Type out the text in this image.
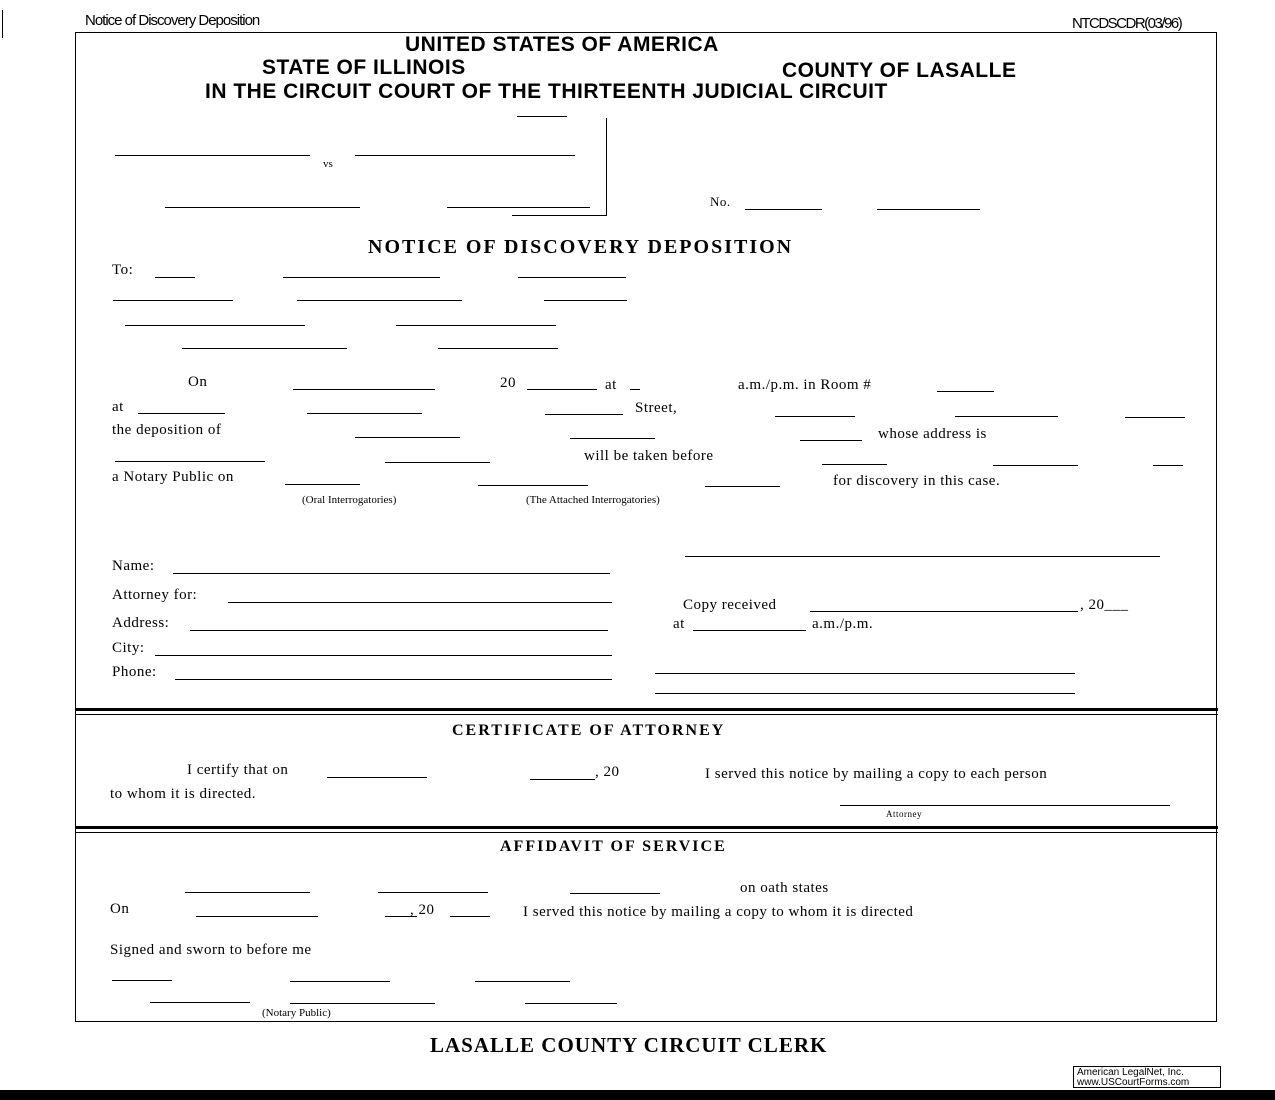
Notice of Discovery Deposition	NTCDSCDR(03/96)
UNITED STATES OF AMERICA
STATE OF ILLINOIS	COUNTY OF LASALLE
IN THE CIRCUIT COURT OF THE THIRTEENTH JUDICIAL CIRCUIT
vs
No.
NOTICE OF DISCOVERY DEPOSITION
To:
On	20	at	a.m./p.m. in Room #
at	Street,
the deposition of	whose address is
will be taken before
a Notary Public on	for discovery in this case.
(Oral Interrogatories)	(The Attached Interrogatories)
Name:
Attorney for:
Address:
City:
Phone:
Copy received	, 20___
at	a.m./p.m.
CERTIFICATE OF ATTORNEY
I certify that on	, 20	I served this notice by mailing a copy to each person
to whom it is directed.
Attorney
AFFIDAVIT OF SERVICE
on oath states
On	, 20	I served this notice by mailing a copy to whom it is directed
Signed and sworn to before me
(Notary Public)
LASALLE COUNTY CIRCUIT CLERK
American LegalNet, Inc.
www.USCourtForms.com
